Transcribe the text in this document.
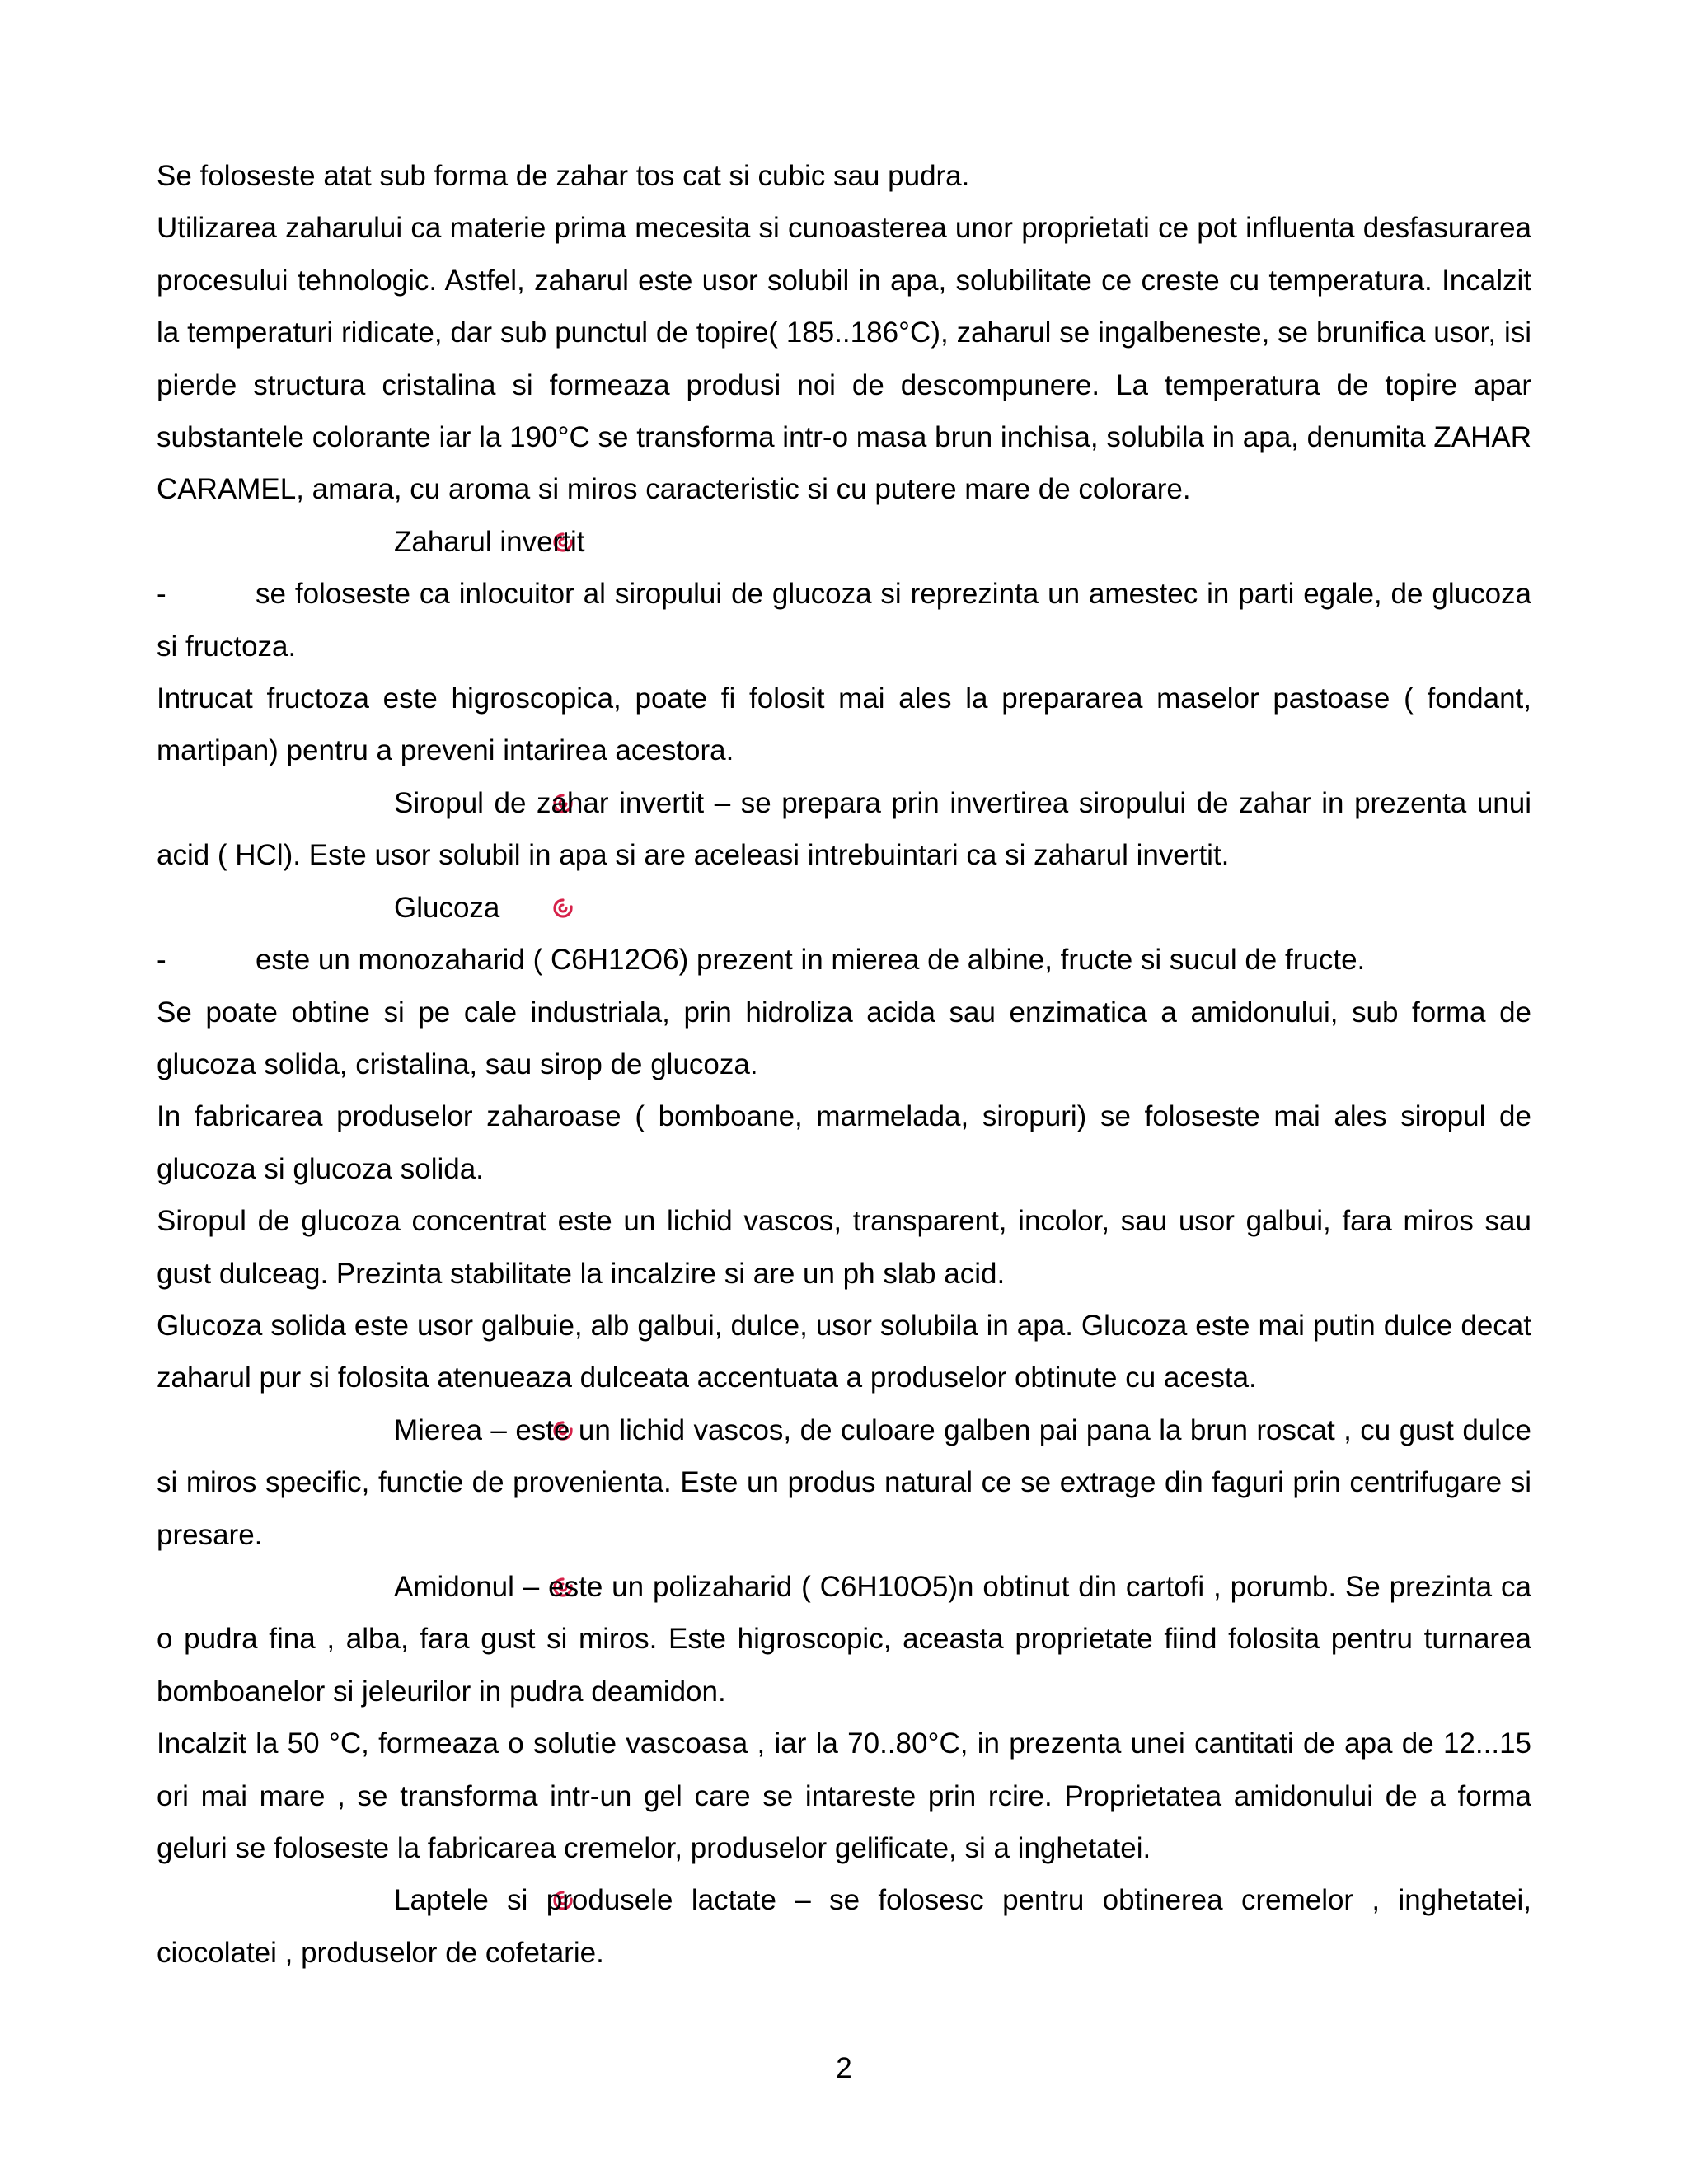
Se foloseste atat sub forma de zahar tos cat si cubic sau pudra.

Utilizarea zaharului ca materie prima mecesita si cunoasterea unor proprietati ce pot influenta desfasurarea procesului tehnologic. Astfel, zaharul este usor solubil in apa, solubilitate ce creste cu temperatura. Incalzit la temperaturi ridicate, dar sub punctul de topire( 185..186°C), zaharul se ingalbeneste, se brunifica usor, isi pierde structura cristalina si formeaza produsi noi de descompunere. La temperatura de topire apar substantele colorante iar la 190°C se transforma intr-o masa brun inchisa, solubila in apa, denumita ZAHAR CARAMEL, amara, cu aroma si miros caracteristic si cu putere mare de colorare.

Zaharul invertit

-	se foloseste ca inlocuitor al siropului de glucoza si reprezinta un amestec in parti egale, de glucoza si fructoza.

Intrucat fructoza este higroscopica, poate fi folosit mai ales la prepararea maselor pastoase ( fondant, martipan) pentru a preveni intarirea acestora.

Siropul de zahar invertit – se prepara prin invertirea siropului de zahar in prezenta unui acid ( HCl). Este usor solubil in apa si are aceleasi intrebuintari ca si zaharul invertit.

Glucoza

-	este un monozaharid ( C6H12O6) prezent in mierea de albine, fructe si sucul de fructe.

Se poate obtine si pe cale industriala, prin hidroliza acida sau enzimatica a amidonului, sub forma de glucoza solida, cristalina, sau sirop de glucoza.

In fabricarea produselor zaharoase ( bomboane, marmelada, siropuri) se foloseste mai ales siropul de glucoza si glucoza solida.

Siropul de glucoza concentrat este un lichid vascos, transparent, incolor, sau usor galbui, fara miros sau gust dulceag. Prezinta stabilitate la incalzire si are un ph slab acid.

Glucoza solida este usor galbuie, alb galbui, dulce, usor solubila in apa. Glucoza este mai putin dulce decat zaharul pur si folosita atenueaza dulceata accentuata a produselor obtinute cu acesta.

Mierea – este un lichid vascos, de culoare galben pai pana la brun roscat , cu gust dulce si miros specific, functie de provenienta. Este un produs natural ce se extrage din faguri prin centrifugare si presare.

Amidonul – este un polizaharid ( C6H10O5)n obtinut din cartofi , porumb. Se prezinta ca o pudra fina , alba, fara gust si miros. Este higroscopic, aceasta proprietate fiind folosita pentru turnarea bomboanelor si jeleurilor in pudra deamidon.

Incalzit la 50 °C, formeaza o solutie vascoasa , iar la 70..80°C, in prezenta unei cantitati de apa de 12...15 ori mai mare , se transforma intr-un gel care se intareste prin rcire. Proprietatea amidonului de a forma geluri se foloseste la fabricarea cremelor, produselor gelificate, si a inghetatei.

Laptele si produsele lactate – se folosesc pentru obtinerea cremelor , inghetatei, ciocolatei , produselor de cofetarie.

2
